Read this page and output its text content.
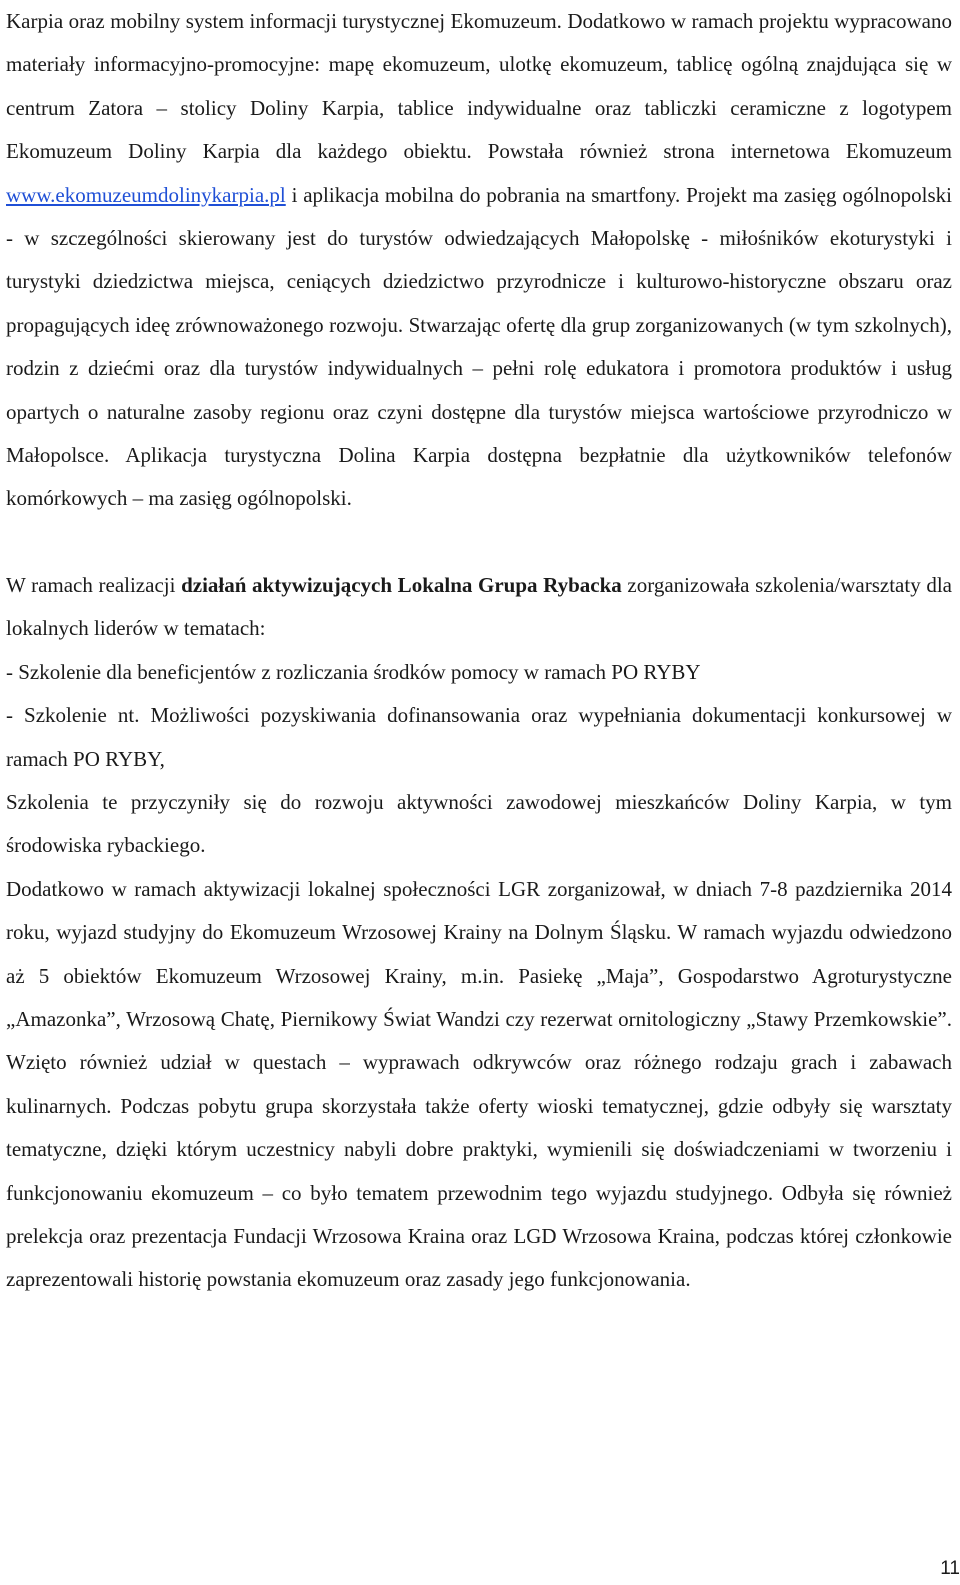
Karpia oraz mobilny system informacji turystycznej Ekomuzeum. Dodatkowo w ramach projektu wypracowano materiały informacyjno-promocyjne: mapę ekomuzeum, ulotkę ekomuzeum, tablicę ogólną znajdująca się w centrum Zatora – stolicy Doliny Karpia, tablice indywidualne oraz tabliczki ceramiczne z logotypem Ekomuzeum Doliny Karpia dla każdego obiektu. Powstała również strona internetowa Ekomuzeum www.ekomuzeumdolinykarpia.pl i aplikacja mobilna do pobrania na smartfony. Projekt ma zasięg ogólnopolski - w szczególności skierowany jest do turystów odwiedzających Małopolskę - miłośników ekoturystyki i turystyki dziedzictwa miejsca, ceniących dziedzictwo przyrodnicze i kulturowo-historyczne obszaru oraz propagujących ideę zrównoważonego rozwoju. Stwarzając ofertę dla grup zorganizowanych (w tym szkolnych), rodzin z dziećmi oraz dla turystów indywidualnych – pełni rolę edukatora i promotora produktów i usług opartych o naturalne zasoby regionu oraz czyni dostępne dla turystów miejsca wartościowe przyrodniczo w Małopolsce. Aplikacja turystyczna Dolina Karpia dostępna bezpłatnie dla użytkowników telefonów komórkowych – ma zasięg ogólnopolski.

W ramach realizacji działań aktywizujących Lokalna Grupa Rybacka zorganizowała szkolenia/warsztaty dla lokalnych liderów w tematach:

- Szkolenie dla beneficjentów z rozliczania środków pomocy w ramach PO RYBY

- Szkolenie nt. Możliwości pozyskiwania dofinansowania oraz wypełniania dokumentacji konkursowej w ramach PO RYBY,

Szkolenia te przyczyniły się do rozwoju aktywności zawodowej mieszkańców Doliny Karpia, w tym środowiska rybackiego.

Dodatkowo w ramach aktywizacji lokalnej społeczności LGR zorganizował, w dniach 7-8 pazdziernika 2014 roku, wyjazd studyjny do Ekomuzeum Wrzosowej Krainy na Dolnym Śląsku. W ramach wyjazdu odwiedzono aż 5 obiektów Ekomuzeum Wrzosowej Krainy, m.in. Pasiekę „Maja”, Gospodarstwo Agroturystyczne „Amazonka”, Wrzosową Chatę, Piernikowy Świat Wandzi czy rezerwat ornitologiczny „Stawy Przemkowskie”. Wzięto również udział w questach – wyprawach odkrywców oraz różnego rodzaju grach i zabawach kulinarnych. Podczas pobytu grupa skorzystała także oferty wioski tematycznej, gdzie odbyły się warsztaty tematyczne, dzięki którym uczestnicy nabyli dobre praktyki, wymienili się doświadczeniami w tworzeniu i funkcjonowaniu ekomuzeum – co było tematem przewodnim tego wyjazdu studyjnego. Odbyła się również prelekcja oraz prezentacja Fundacji Wrzosowa Kraina oraz LGD Wrzosowa Kraina, podczas której członkowie zaprezentowali historię powstania ekomuzeum oraz zasady jego funkcjonowania.

11
